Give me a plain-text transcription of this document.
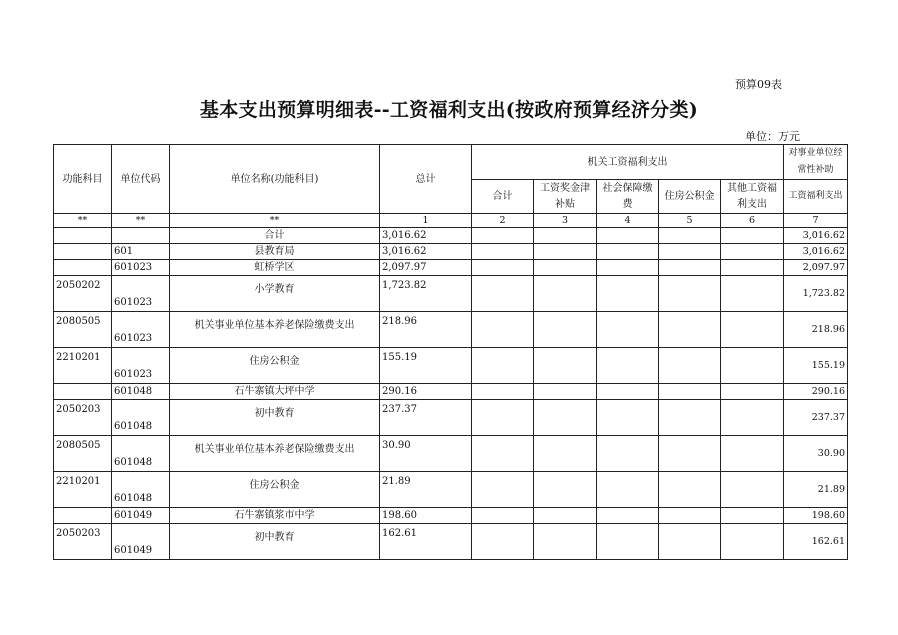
预算09表
基本支出预算明细表--工资福利支出(按政府预算经济分类)
单位：万元
功能科目	单位代码	单位名称(功能科目)	总计	机关工资福利支出					对事业单位经常性补助
				合计	工资奖金津补贴	社会保障缴费	住房公积金	其他工资福利支出	工资福利支出
**	**	**	1	2	3	4	5	6	7
		合计	3,016.62						3,016.62
	601	县教育局	3,016.62						3,016.62
	601023	虹桥学区	2,097.97						2,097.97
2050202	601023	小学教育	1,723.82						1,723.82
2080505	601023	机关事业单位基本养老保险缴费支出	218.96						218.96
2210201	601023	住房公积金	155.19						155.19
	601048	石牛寨镇大坪中学	290.16						290.16
2050203	601048	初中教育	237.37						237.37
2080505	601048	机关事业单位基本养老保险缴费支出	30.90						30.90
2210201	601048	住房公积金	21.89						21.89
	601049	石牛寨镇浆市中学	198.60						198.60
2050203	601049	初中教育	162.61						162.61
